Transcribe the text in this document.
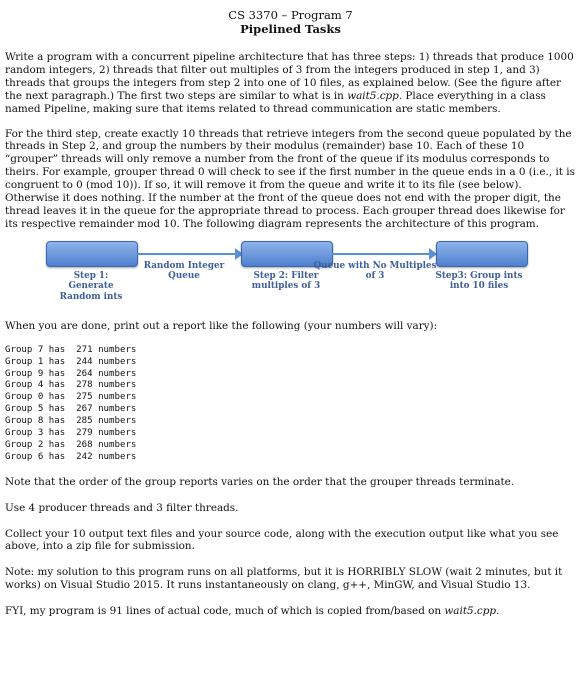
CS 3370 – Program 7
Pipelined Tasks

Write a program with a concurrent pipeline architecture that has three steps: 1) threads that produce 1000 random integers, 2) threads that filter out multiples of 3 from the integers produced in step 1, and 3) threads that groups the integers from step 2 into one of 10 files, as explained below. (See the figure after the next paragraph.) The first two steps are similar to what is in wait5.cpp. Place everything in a class named Pipeline, making sure that items related to thread communication are static members.

For the third step, create exactly 10 threads that retrieve integers from the second queue populated by the threads in Step 2, and group the numbers by their modulus (remainder) base 10. Each of these 10 “grouper” threads will only remove a number from the front of the queue if its modulus corresponds to theirs. For example, grouper thread 0 will check to see if the first number in the queue ends in a 0 (i.e., it is congruent to 0 (mod 10)). If so, it will remove it from the queue and write it to its file (see below). Otherwise it does nothing. If the number at the front of the queue does not end with the proper digit, the thread leaves it in the queue for the appropriate thread to process. Each grouper thread does likewise for its respective remainder mod 10. The following diagram represents the architecture of this program.

Step 1: Generate Random ints
Random Integer Queue	Step 2: Filter multiples of 3
Queue with No Multiples of 3	Step3: Group ints into 10 files

When you are done, print out a report like the following (your numbers will vary):

Group 7 has  271 numbers
Group 1 has  244 numbers
Group 9 has  264 numbers
Group 4 has  278 numbers
Group 0 has  275 numbers
Group 5 has  267 numbers
Group 8 has  285 numbers
Group 3 has  279 numbers
Group 2 has  268 numbers
Group 6 has  242 numbers

Note that the order of the group reports varies on the order that the grouper threads terminate.

Use 4 producer threads and 3 filter threads.

Collect your 10 output text files and your source code, along with the execution output like what you see above, into a zip file for submission.

Note: my solution to this program runs on all platforms, but it is HORRIBLY SLOW (wait 2 minutes, but it works) on Visual Studio 2015. It runs instantaneously on clang, g++, MinGW, and Visual Studio 13.

FYI, my program is 91 lines of actual code, much of which is copied from/based on wait5.cpp.
